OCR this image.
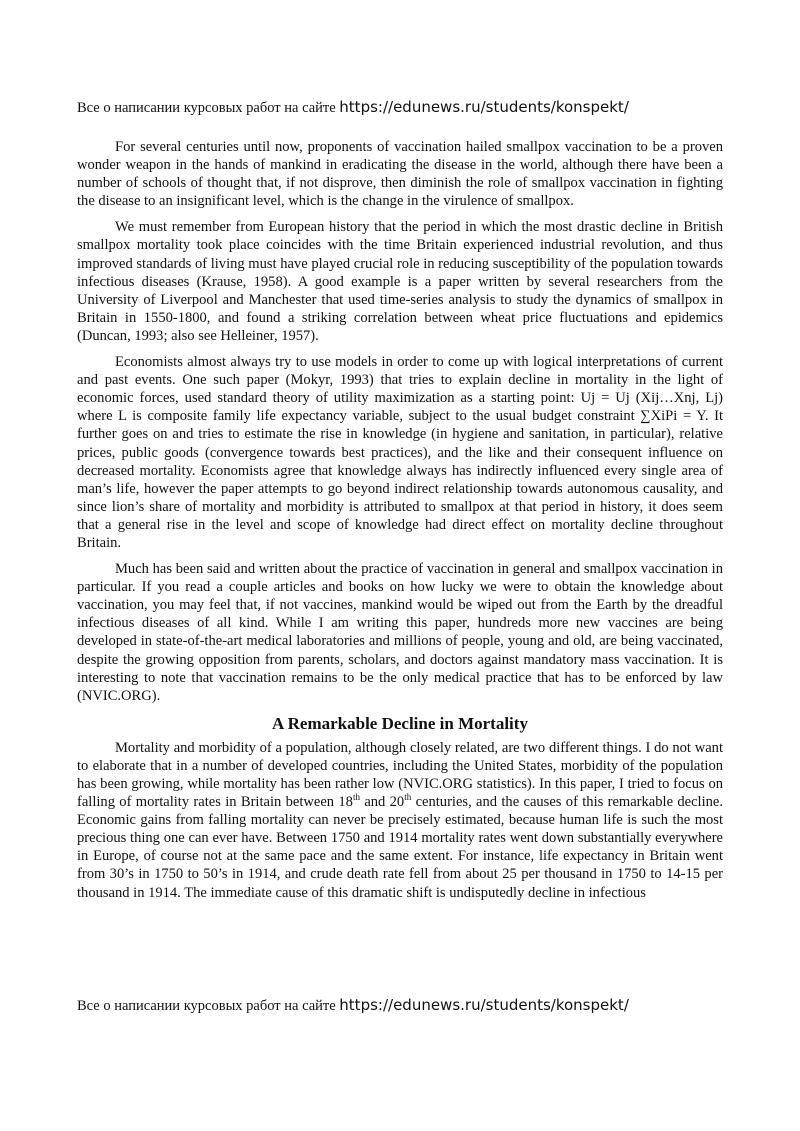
Все о написании курсовых работ на сайте https://edunews.ru/students/konspekt/

For several centuries until now, proponents of vaccination hailed smallpox vaccination to be a proven wonder weapon in the hands of mankind in eradicating the disease in the world, although there have been a number of schools of thought that, if not disprove, then diminish the role of smallpox vaccination in fighting the disease to an insignificant level, which is the change in the virulence of smallpox.

We must remember from European history that the period in which the most drastic decline in British smallpox mortality took place coincides with the time Britain experienced industrial revolution, and thus improved standards of living must have played crucial role in reducing susceptibility of the population towards infectious diseases (Krause, 1958). A good example is a paper written by several researchers from the University of Liverpool and Manchester that used time-series analysis to study the dynamics of smallpox in Britain in 1550-1800, and found a striking correlation between wheat price fluctuations and epidemics (Duncan, 1993; also see Helleiner, 1957).

Economists almost always try to use models in order to come up with logical interpretations of current and past events. One such paper (Mokyr, 1993) that tries to explain decline in mortality in the light of economic forces, used standard theory of utility maximization as a starting point: Uj = Uj (Xij…Xnj, Lj) where L is composite family life expectancy variable, subject to the usual budget constraint ∑XiPi = Y. It further goes on and tries to estimate the rise in knowledge (in hygiene and sanitation, in particular), relative prices, public goods (convergence towards best practices), and the like and their consequent influence on decreased mortality. Economists agree that knowledge always has indirectly influenced every single area of man’s life, however the paper attempts to go beyond indirect relationship towards autonomous causality, and since lion’s share of mortality and morbidity is attributed to smallpox at that period in history, it does seem that a general rise in the level and scope of knowledge had direct effect on mortality decline throughout Britain.

Much has been said and written about the practice of vaccination in general and smallpox vaccination in particular. If you read a couple articles and books on how lucky we were to obtain the knowledge about vaccination, you may feel that, if not vaccines, mankind would be wiped out from the Earth by the dreadful infectious diseases of all kind. While I am writing this paper, hundreds more new vaccines are being developed in state-of-the-art medical laboratories and millions of people, young and old, are being vaccinated, despite the growing opposition from parents, scholars, and doctors against mandatory mass vaccination. It is interesting to note that vaccination remains to be the only medical practice that has to be enforced by law (NVIC.ORG).

A Remarkable Decline in Mortality

Mortality and morbidity of a population, although closely related, are two different things. I do not want to elaborate that in a number of developed countries, including the United States, morbidity of the population has been growing, while mortality has been rather low (NVIC.ORG statistics). In this paper, I tried to focus on falling of mortality rates in Britain between 18th and 20th centuries, and the causes of this remarkable decline. Economic gains from falling mortality can never be precisely estimated, because human life is such the most precious thing one can ever have. Between 1750 and 1914 mortality rates went down substantially everywhere in Europe, of course not at the same pace and the same extent. For instance, life expectancy in Britain went from 30’s in 1750 to 50’s in 1914, and crude death rate fell from about 25 per thousand in 1750 to 14-15 per thousand in 1914. The immediate cause of this dramatic shift is undisputedly decline in infectious

Все о написании курсовых работ на сайте https://edunews.ru/students/konspekt/
